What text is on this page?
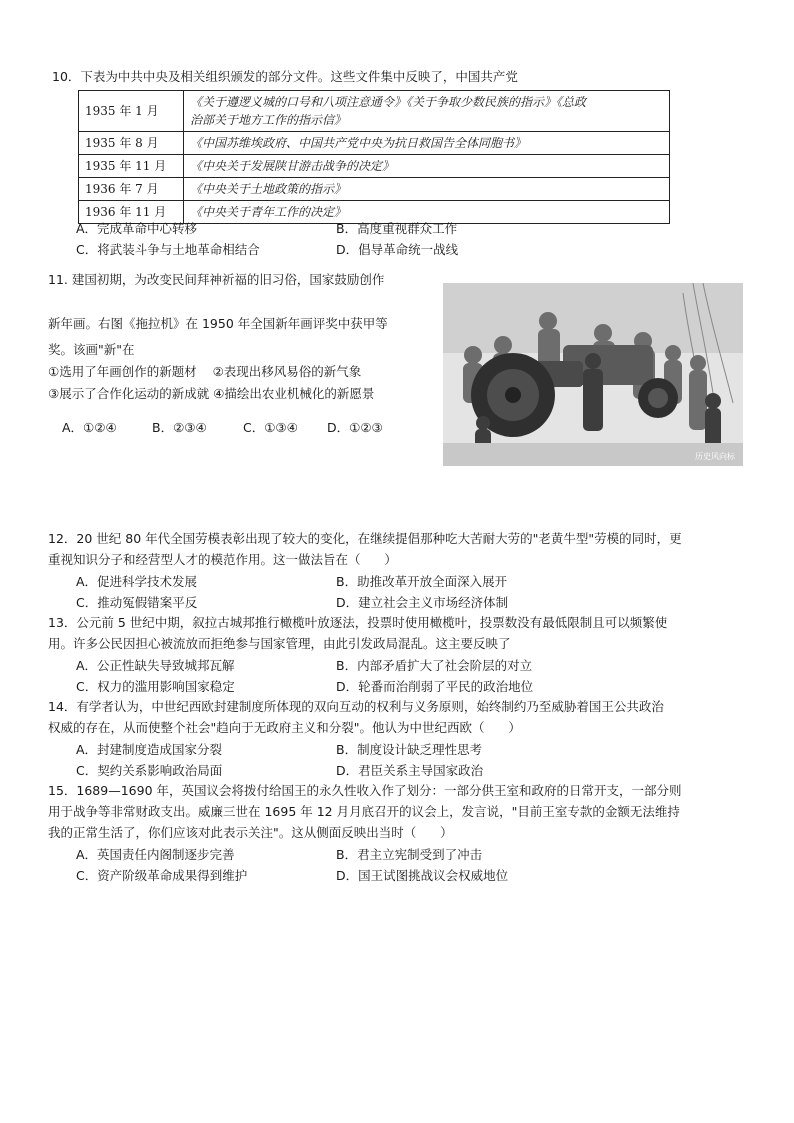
10．下表为中共中央及相关组织颁发的部分文件。这些文件集中反映了，中国共产党
1935 年 1 月	《关于遵逻义城的口号和八项注意通令》《关于争取少数民族的指示》《总政
治部关于地方工作的指示信》

1935 年 8 月	《中国苏维埃政府、中国共产党中央为抗日救国告全体同胞书》
1935 年 11 月	《中央关于发展陕甘游击战争的决定》
1936 年 7 月	《中央关于土地政策的指示》
1936 年 11 月	《中央关于青年工作的决定》
A．完成革命中心转移	B．高度重视群众工作
C．将武装斗争与土地革命相结合	D．倡导革命统一战线
11. 建国初期，为改变民间拜神祈福的旧习俗，国家鼓励创作
新年画。右图《拖拉机》在 1950 年全国新年画评奖中获甲等
奖。该画"新"在
①选用了年画创作的新题材    ②表现出移风易俗的新气象
③展示了合作化运动的新成就 ④描绘出农业机械化的新愿景
A．①②④	B．②③④	C．①③④ D．①②③
历史风向标
12．20 世纪 80 年代全国劳模表彰出现了较大的变化，在继续提倡那种吃大苦耐大劳的"老黄牛型"劳模的同时，更
重视知识分子和经营型人才的模范作用。这一做法旨在（      ）
A．促进科学技术发展	B．助推改革开放全面深入展开
C．推动冤假错案平反	D．建立社会主义市场经济体制
13．公元前 5 世纪中期，叙拉古城邦推行橄榄叶放逐法，投票时使用橄榄叶，投票数没有最低限制且可以频繁使
用。许多公民因担心被流放而拒绝参与国家管理，由此引发政局混乱。这主要反映了
A．公正性缺失导致城邦瓦解	B．内部矛盾扩大了社会阶层的对立
C．权力的滥用影响国家稳定	D．轮番而治削弱了平民的政治地位
14．有学者认为，中世纪西欧封建制度所体现的双向互动的权利与义务原则，始终制约乃至威胁着国王公共政治
权威的存在，从而使整个社会"趋向于无政府主义和分裂"。他认为中世纪西欧（      ）
A．封建制度造成国家分裂	B．制度设计缺乏理性思考
C．契约关系影响政治局面	D．君臣关系主导国家政治
15．1689—1690 年，英国议会将拨付给国王的永久性收入作了划分：一部分供王室和政府的日常开支，一部分则
用于战争等非常财政支出。威廉三世在 1695 年 12 月月底召开的议会上，发言说，"目前王室专款的金额无法维持
我的正常生活了，你们应该对此表示关注"。这从侧面反映出当时（      ）
A．英国责任内阁制逐步完善	B．君主立宪制受到了冲击
C．资产阶级革命成果得到维护	D．国王试图挑战议会权威地位
